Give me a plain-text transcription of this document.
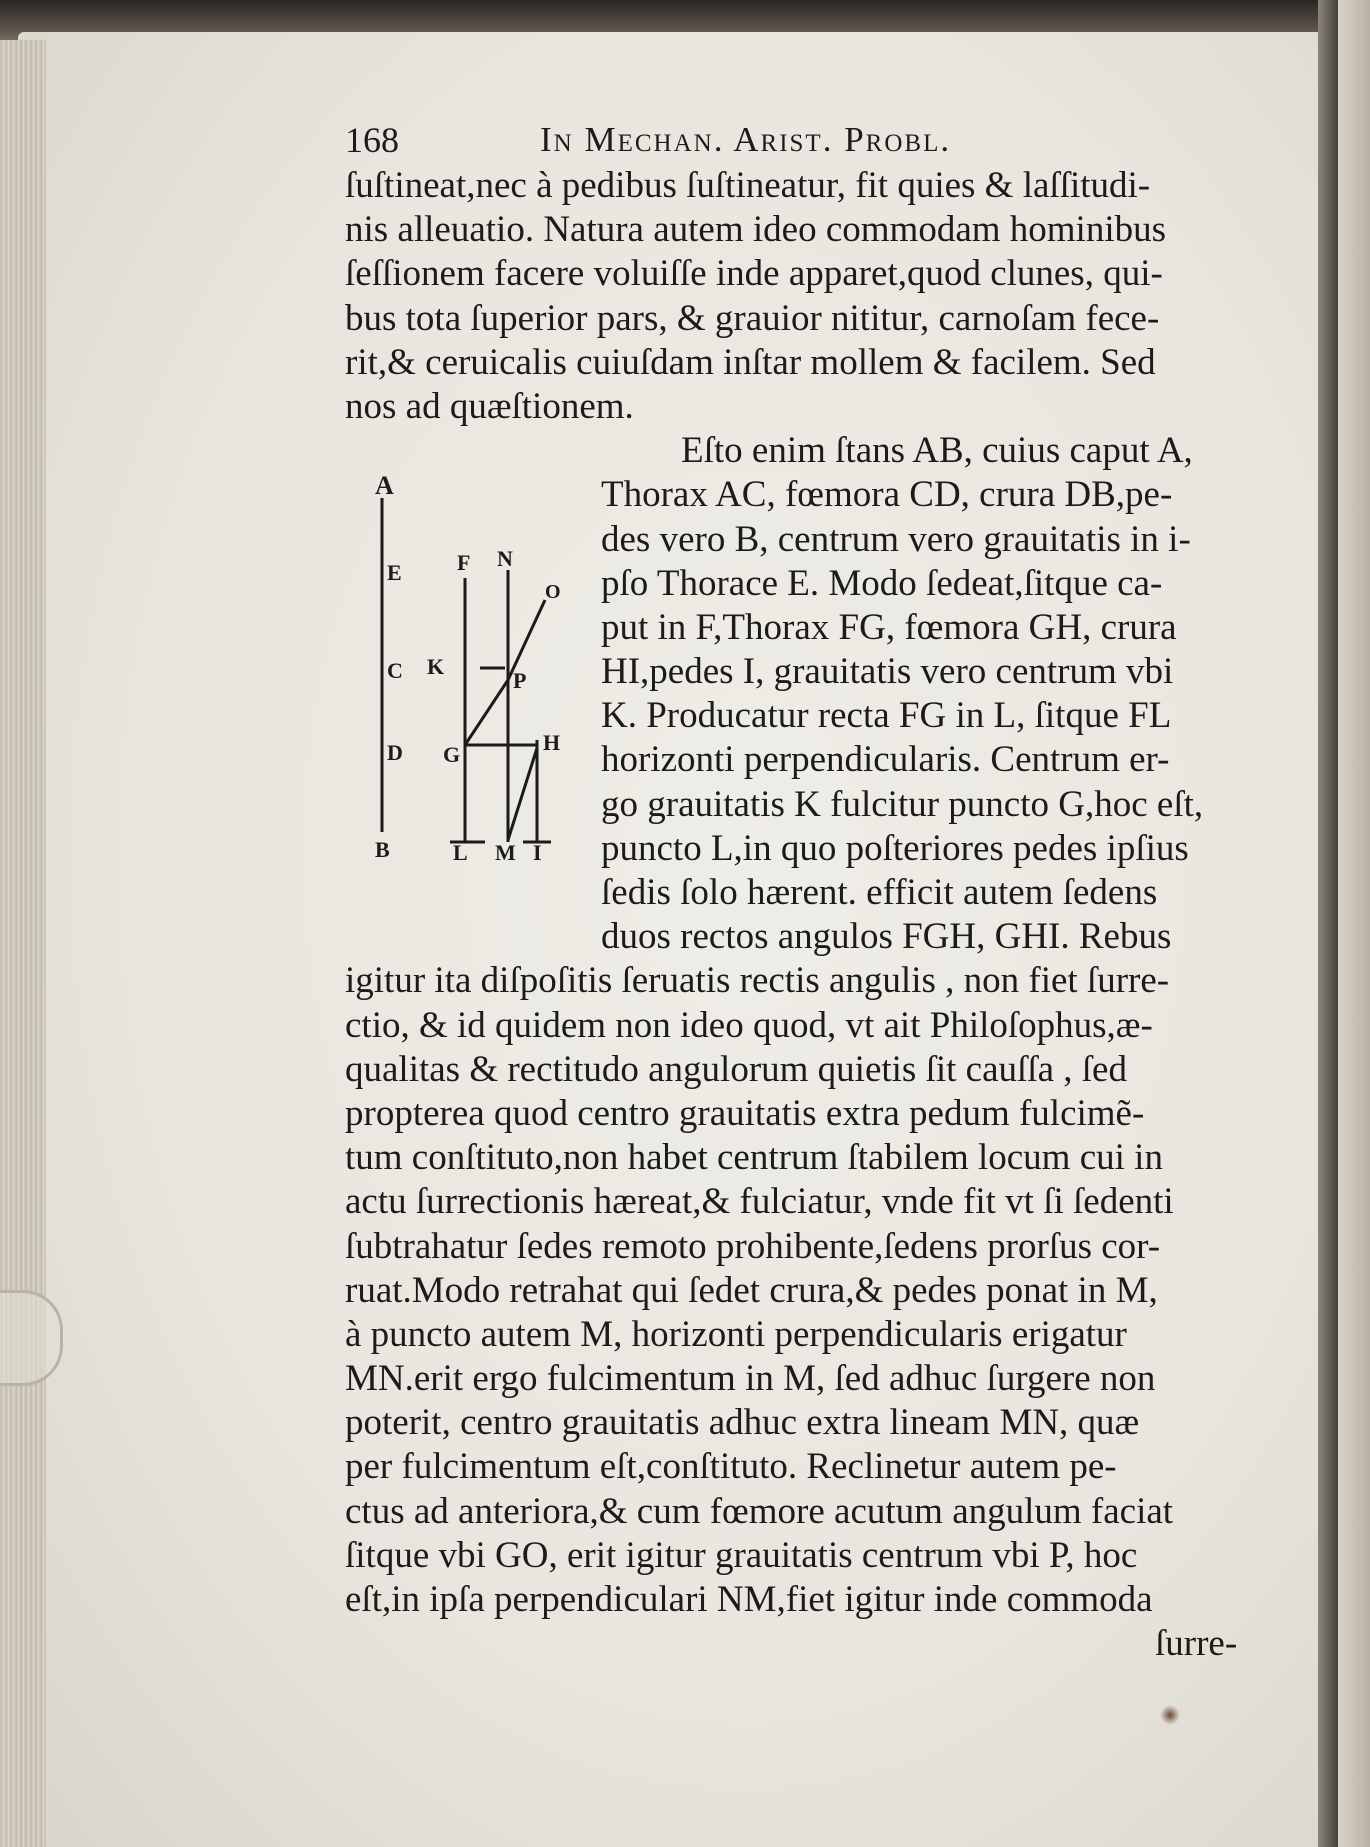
168	In Mechan. Arist. Probl.
ſuſtineat,nec à pedibus ſuſtineatur, fit quies & laſſitudi-
nis alleuatio. Natura autem ideo commodam hominibus
ſeſſionem facere voluiſſe inde apparet,quod clunes, qui-
bus tota ſuperior pars, & grauior nititur, carnoſam fece-
rit,& ceruicalis cuiuſdam inſtar mollem & facilem. Sed
nos ad quæſtionem.
Eſto enim ſtans AB, cuius caput A,
Thorax AC, fœmora CD, crura DB,pe-
des vero B, centrum vero grauitatis in i-
pſo Thorace E. Modo ſedeat,ſitque ca-
put in F,Thorax FG, fœmora GH, crura
HI,pedes I, grauitatis vero centrum vbi
K. Producatur recta FG in L, ſitque FL
horizonti perpendicularis. Centrum er-
go grauitatis K fulcitur puncto G,hoc eſt,
puncto L,in quo poſteriores pedes ipſius
ſedis ſolo hærent. efficit autem ſedens
duos rectos angulos FGH, GHI. Rebus
igitur ita diſpoſitis ſeruatis rectis angulis , non fiet ſurre-
ctio, & id quidem non ideo quod, vt ait Philoſophus,æ-
qualitas & rectitudo angulorum quietis ſit cauſſa , ſed
propterea quod centro grauitatis extra pedum fulcimẽ-
tum conſtituto,non habet centrum ſtabilem locum cui in
actu ſurrectionis hæreat,& fulciatur, vnde fit vt ſi ſedenti
ſubtrahatur ſedes remoto prohibente,ſedens prorſus cor-
ruat.Modo retrahat qui ſedet crura,& pedes ponat in M,
à puncto autem M, horizonti perpendicularis erigatur
MN.erit ergo fulcimentum in M, ſed adhuc ſurgere non
poterit, centro grauitatis adhuc extra lineam MN, quæ
per fulcimentum eſt,conſtituto. Reclinetur autem pe-
ctus ad anteriora,& cum fœmore acutum angulum faciat
ſitque vbi GO, erit igitur grauitatis centrum vbi P, hoc
eſt,in ipſa perpendiculari NM,fiet igitur inde commoda
ſurre-
A
E
C
D
B
F N
O
K
P
G	H
L M I
